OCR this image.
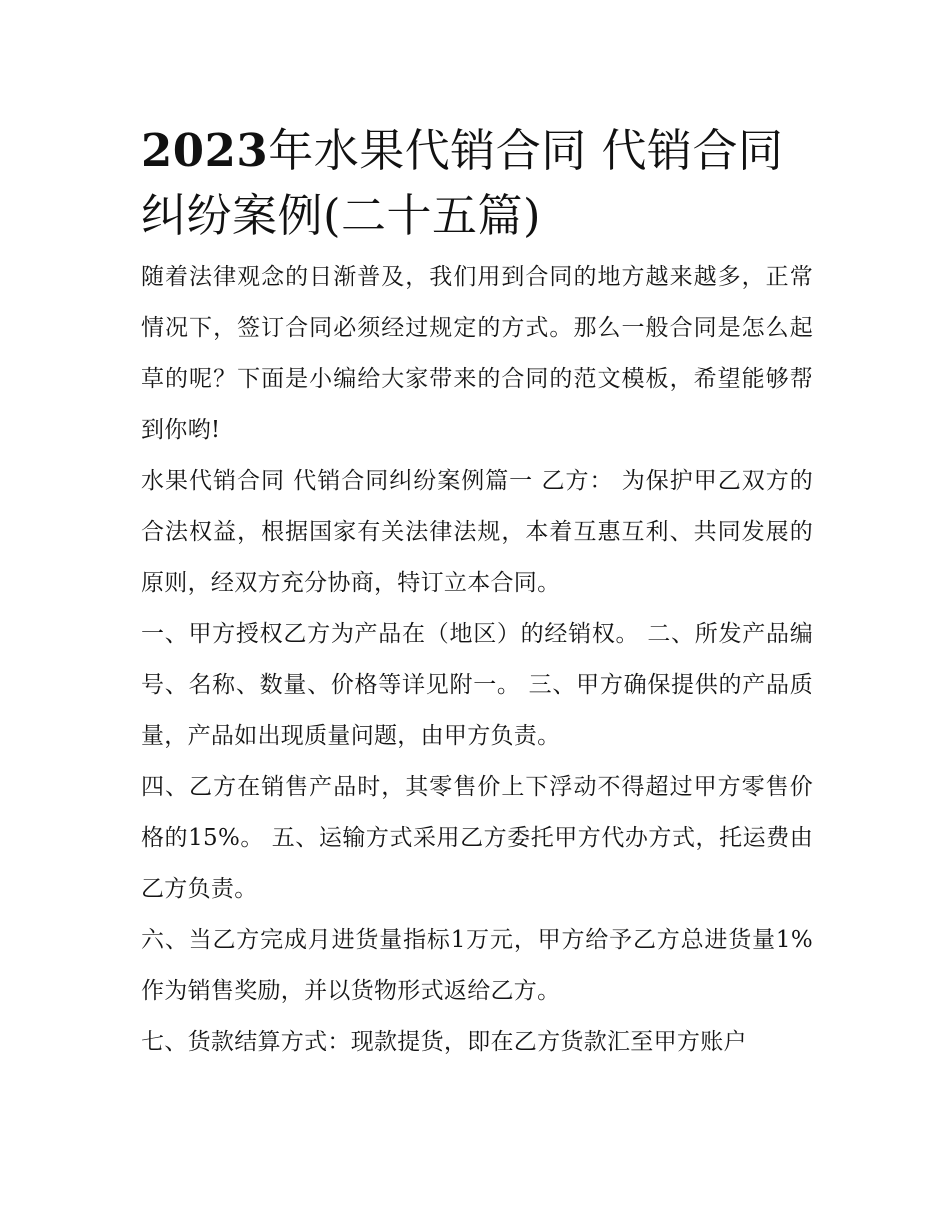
2023年水果代销合同 代销合同纠纷案例(二十五篇)

随着法律观念的日渐普及，我们用到合同的地方越来越多，正常情况下，签订合同必须经过规定的方式。那么一般合同是怎么起草的呢？下面是小编给大家带来的合同的范文模板，希望能够帮到你哟!

水果代销合同 代销合同纠纷案例篇一 乙方： 为保护甲乙双方的合法权益，根据国家有关法律法规，本着互惠互利、共同发展的原则，经双方充分协商，特订立本合同。

一、甲方授权乙方为产品在（地区）的经销权。 二、所发产品编号、名称、数量、价格等详见附一。 三、甲方确保提供的产品质量，产品如出现质量问题，由甲方负责。

四、乙方在销售产品时，其零售价上下浮动不得超过甲方零售价格的15%。 五、运输方式采用乙方委托甲方代办方式，托运费由乙方负责。

六、当乙方完成月进货量指标1万元，甲方给予乙方总进货量1%作为销售奖励，并以货物形式返给乙方。

七、货款结算方式：现款提货，即在乙方货款汇至甲方账户
